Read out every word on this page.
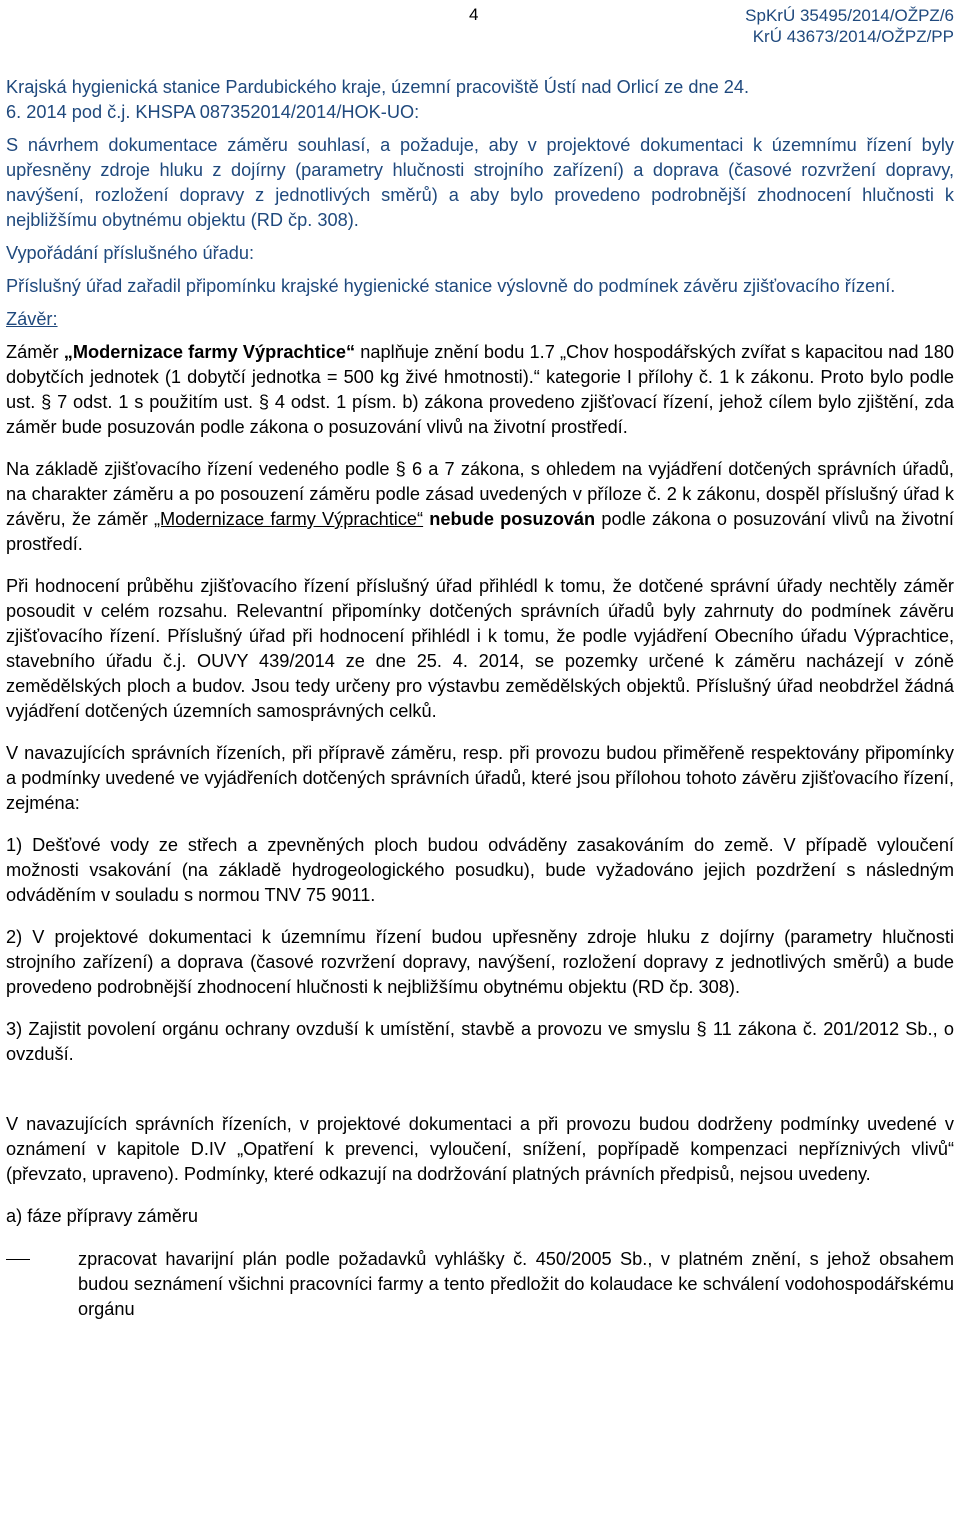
4	SpKrÚ 35495/2014/OŽPZ/6
KrÚ 43673/2014/OŽPZ/PP

Krajská hygienická stanice Pardubického kraje, územní pracoviště Ústí nad Orlicí ze dne 24.

6. 2014 pod č.j. KHSPA 087352014/2014/HOK-UO:

S návrhem dokumentace záměru souhlasí, a požaduje, aby v projektové dokumentaci k územnímu řízení byly upřesněny zdroje hluku z dojírny (parametry hlučnosti strojního zařízení) a doprava (časové rozvržení dopravy, navýšení, rozložení dopravy z jednotlivých směrů) a aby bylo provedeno podrobnější zhodnocení hlučnosti k nejbližšímu obytnému objektu (RD čp. 308).

Vypořádání příslušného úřadu:

Příslušný úřad zařadil připomínku krajské hygienické stanice výslovně do podmínek závěru zjišťovacího řízení.

Závěr:

Záměr „Modernizace farmy Výprachtice“ naplňuje znění bodu 1.7 „Chov hospodářských zvířat s kapacitou nad 180 dobytčích jednotek (1 dobytčí jednotka = 500 kg živé hmotnosti).“ kategorie I přílohy č. 1 k zákonu. Proto bylo podle ust. § 7 odst. 1 s použitím ust. § 4 odst. 1 písm. b) zákona provedeno zjišťovací řízení, jehož cílem bylo zjištění, zda záměr bude posuzován podle zákona o posuzování vlivů na životní prostředí.

Na základě zjišťovacího řízení vedeného podle § 6 a 7 zákona, s ohledem na vyjádření dotčených správních úřadů, na charakter záměru a po posouzení záměru podle zásad uvedených v příloze č. 2 k zákonu, dospěl příslušný úřad k závěru, že záměr „Modernizace farmy Výprachtice“ nebude posuzován podle zákona o posuzování vlivů na životní prostředí.

Při hodnocení průběhu zjišťovacího řízení příslušný úřad přihlédl k tomu, že dotčené správní úřady nechtěly záměr posoudit v celém rozsahu. Relevantní připomínky dotčených správních úřadů byly zahrnuty do podmínek závěru zjišťovacího řízení. Příslušný úřad při hodnocení přihlédl i k tomu, že podle vyjádření Obecního úřadu Výprachtice, stavebního úřadu č.j. OUVY 439/2014 ze dne 25. 4. 2014, se pozemky určené k záměru nacházejí v zóně zemědělských ploch a budov. Jsou tedy určeny pro výstavbu zemědělských objektů. Příslušný úřad neobdržel žádná vyjádření dotčených územních samosprávných celků.

V navazujících správních řízeních, při přípravě záměru, resp. při provozu budou přiměřeně respektovány připomínky a podmínky uvedené ve vyjádřeních dotčených správních úřadů, které jsou přílohou tohoto závěru zjišťovacího řízení, zejména:

1) Dešťové vody ze střech a zpevněných ploch budou odváděny zasakováním do země. V případě vyloučení možnosti vsakování (na základě hydrogeologického posudku), bude vyžadováno jejich pozdržení s následným odváděním v souladu s normou TNV 75 9011.

2) V projektové dokumentaci k územnímu řízení budou upřesněny zdroje hluku z dojírny (parametry hlučnosti strojního zařízení) a doprava (časové rozvržení dopravy, navýšení, rozložení dopravy z jednotlivých směrů) a bude provedeno podrobnější zhodnocení hlučnosti k nejbližšímu obytnému objektu (RD čp. 308).

3) Zajistit povolení orgánu ochrany ovzduší k umístění, stavbě a provozu ve smyslu § 11 zákona č. 201/2012 Sb., o ovzduší.

V navazujících správních řízeních, v projektové dokumentaci a při provozu budou dodrženy podmínky uvedené v oznámení v kapitole D.IV „Opatření k prevenci, vyloučení, snížení, popřípadě kompenzaci nepříznivých vlivů“ (převzato, upraveno). Podmínky, které odkazují na dodržování platných právních předpisů, nejsou uvedeny.

a) fáze přípravy záměru

zpracovat havarijní plán podle požadavků vyhlášky č. 450/2005 Sb., v platném znění, s jehož obsahem budou seznámení všichni pracovníci farmy a tento předložit do kolaudace ke schválení vodohospodářskému orgánu
